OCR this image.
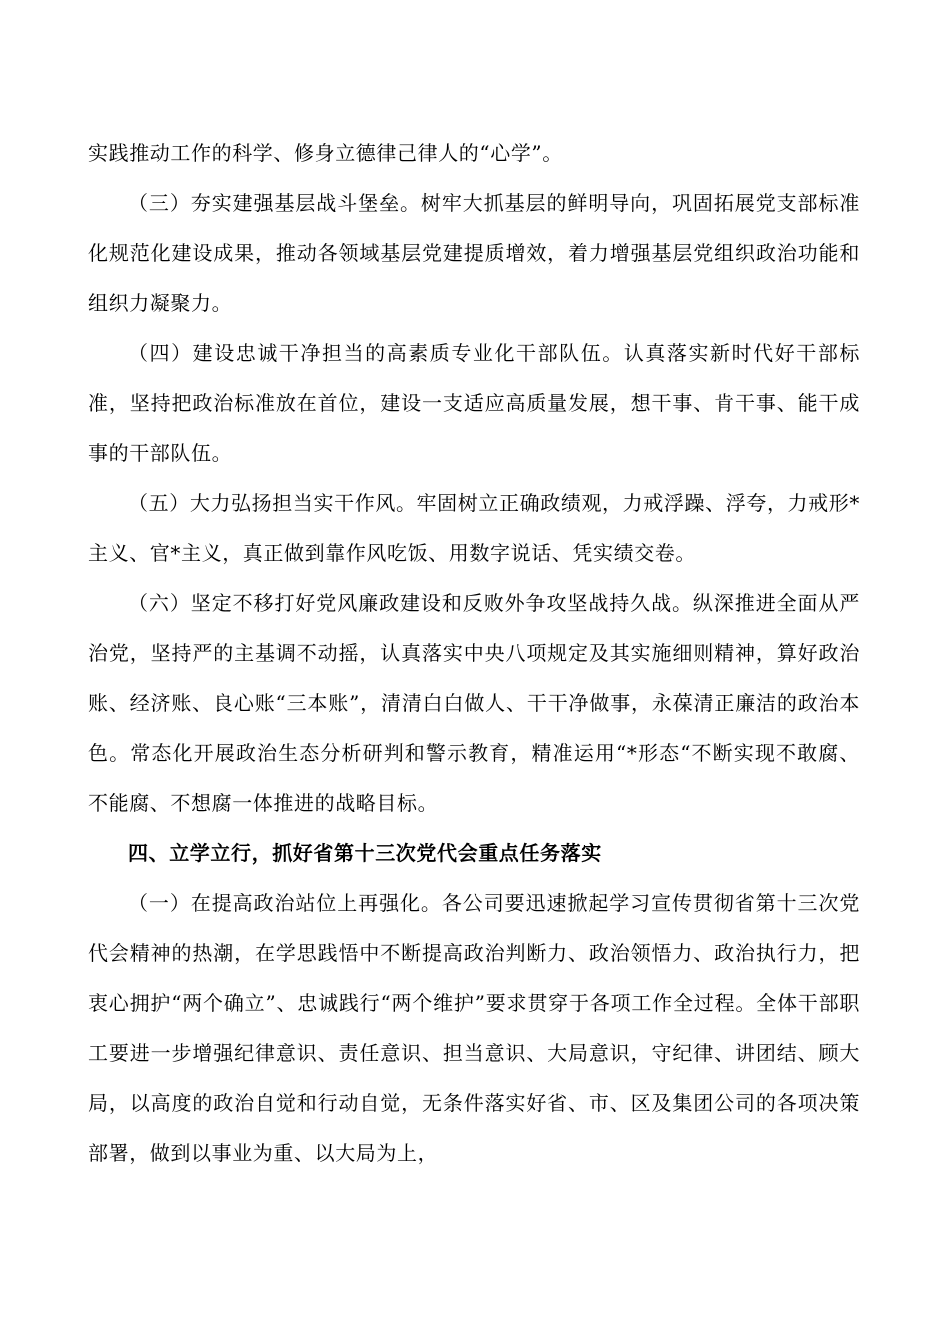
实践推动工作的科学、修身立德律己律人的“心学”。

（三）夯实建强基层战斗堡垒。树牢大抓基层的鲜明导向，巩固拓展党支部标准化规范化建设成果，推动各领域基层党建提质增效，着力增强基层党组织政治功能和组织力凝聚力。

（四）建设忠诚干净担当的高素质专业化干部队伍。认真落实新时代好干部标准，坚持把政治标准放在首位，建设一支适应高质量发展，想干事、肯干事、能干成事的干部队伍。

（五）大力弘扬担当实干作风。牢固树立正确政绩观，力戒浮躁、浮夸，力戒形*主义、官*主义，真正做到靠作风吃饭、用数字说话、凭实绩交卷。

（六）坚定不移打好党风廉政建设和反败外争攻坚战持久战。纵深推进全面从严治党，坚持严的主基调不动摇，认真落实中央八项规定及其实施细则精神，算好政治账、经济账、良心账“三本账”，清清白白做人、干干净做事，永葆清正廉洁的政治本色。常态化开展政治生态分析研判和警示教育，精准运用“*形态“不断实现不敢腐、不能腐、不想腐一体推进的战略目标。

四、立学立行，抓好省第十三次党代会重点任务落实

（一）在提高政治站位上再强化。各公司要迅速掀起学习宣传贯彻省第十三次党代会精神的热潮，在学思践悟中不断提高政治判断力、政治领悟力、政治执行力，把衷心拥护“两个确立”、忠诚践行“两个维护”要求贯穿于各项工作全过程。全体干部职工要进一步增强纪律意识、责任意识、担当意识、大局意识，守纪律、讲团结、顾大局，以高度的政治自觉和行动自觉，无条件落实好省、市、区及集团公司的各项决策部署，做到以事业为重、以大局为上，
